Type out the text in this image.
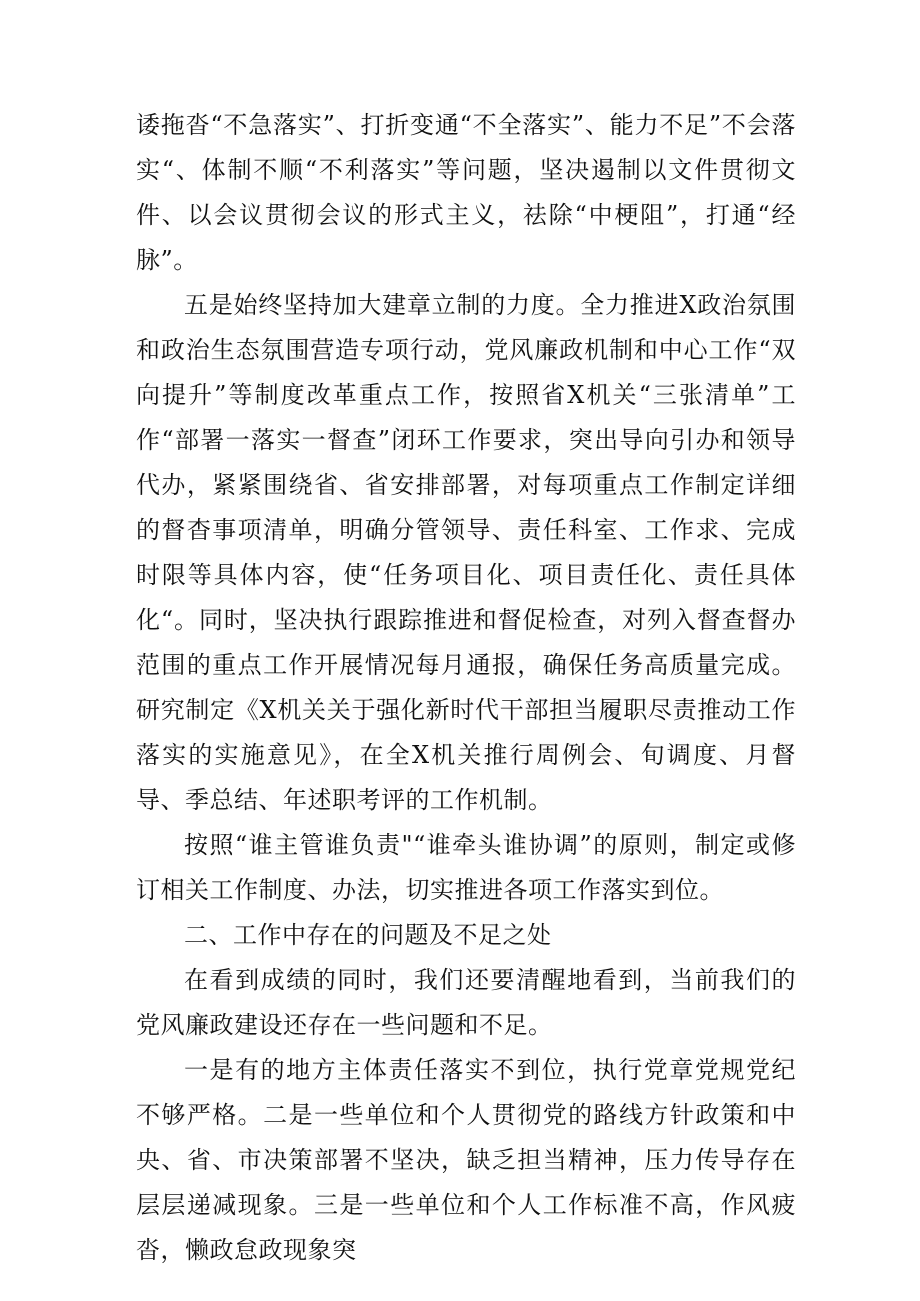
诿拖沓“不急落实”、打折变通“不全落实”、能力不足”不会落实“、体制不顺“不利落实”等问题，坚决遏制以文件贯彻文件、以会议贯彻会议的形式主义，祛除“中梗阻”，打通“经脉”。

五是始终坚持加大建章立制的力度。全力推进X政治氛围和政治生态氛围营造专项行动，党风廉政机制和中心工作“双向提升”等制度改革重点工作，按照省X机关“三张清单”工作“部署一落实一督查”闭环工作要求，突出导向引办和领导代办，紧紧围绕省、省安排部署，对每项重点工作制定详细的督杳事项清单，明确分管领导、责任科室、工作求、完成时限等具体内容，使“任务项目化、项目责任化、责任具体化“。同时，坚决执行跟踪推进和督促检查，对列入督查督办范围的重点工作开展情况每月通报，确保任务高质量完成。研究制定《X机关关于强化新时代干部担当履职尽责推动工作落实的实施意见》，在全X机关推行周例会、旬调度、月督导、季总结、年述职考评的工作机制。

按照“谁主管谁负责"“谁牵头谁协调”的原则，制定或修订相关工作制度、办法，切实推进各项工作落实到位。

二、工作中存在的问题及不足之处

在看到成绩的同时，我们还要清醒地看到，当前我们的党风廉政建设还存在一些问题和不足。

一是有的地方主体责任落实不到位，执行党章党规党纪不够严格。二是一些单位和个人贯彻党的路线方针政策和中央、省、市决策部署不坚决，缺乏担当精神，压力传导存在层层递减现象。三是一些单位和个人工作标准不高，作风疲沓，懒政怠政现象突
